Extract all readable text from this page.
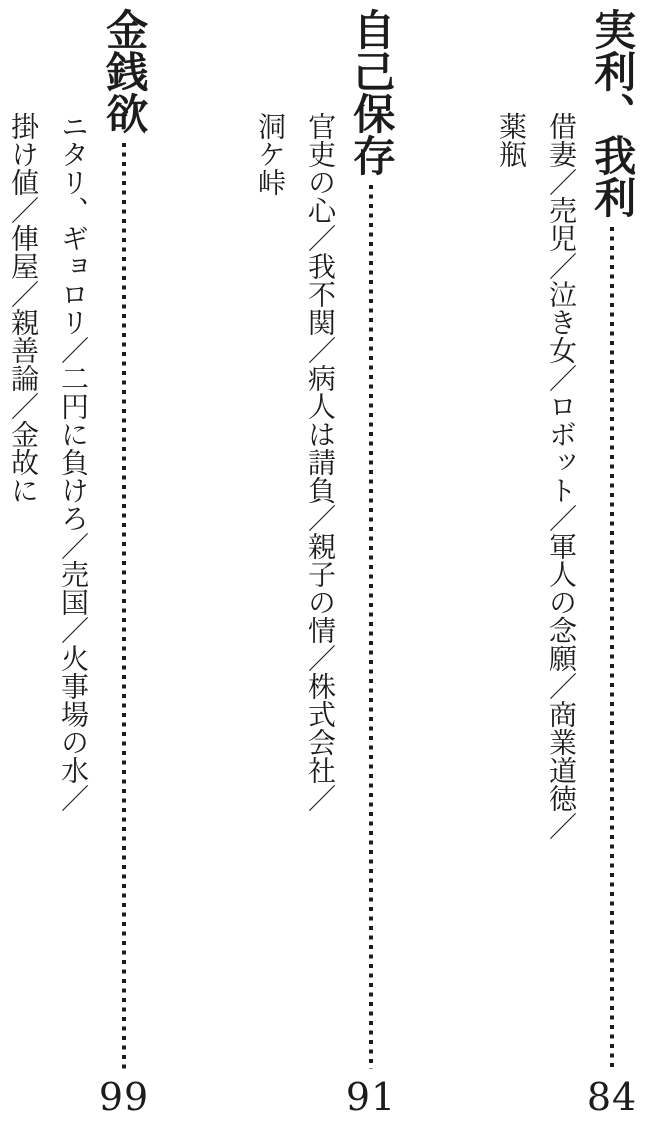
実利、我利
84
借妻／売児／泣き女／ロボット／軍人の念願／商業道徳／
薬瓶
自己保存
91
官吏の心／我不関／病人は請負／親子の情／株式会社／
洞ケ峠
金銭欲
99
ニタリ、ギョロリ／二円に負けろ／売国／火事場の水／
掛け値／俥屋／親善論／金故に
